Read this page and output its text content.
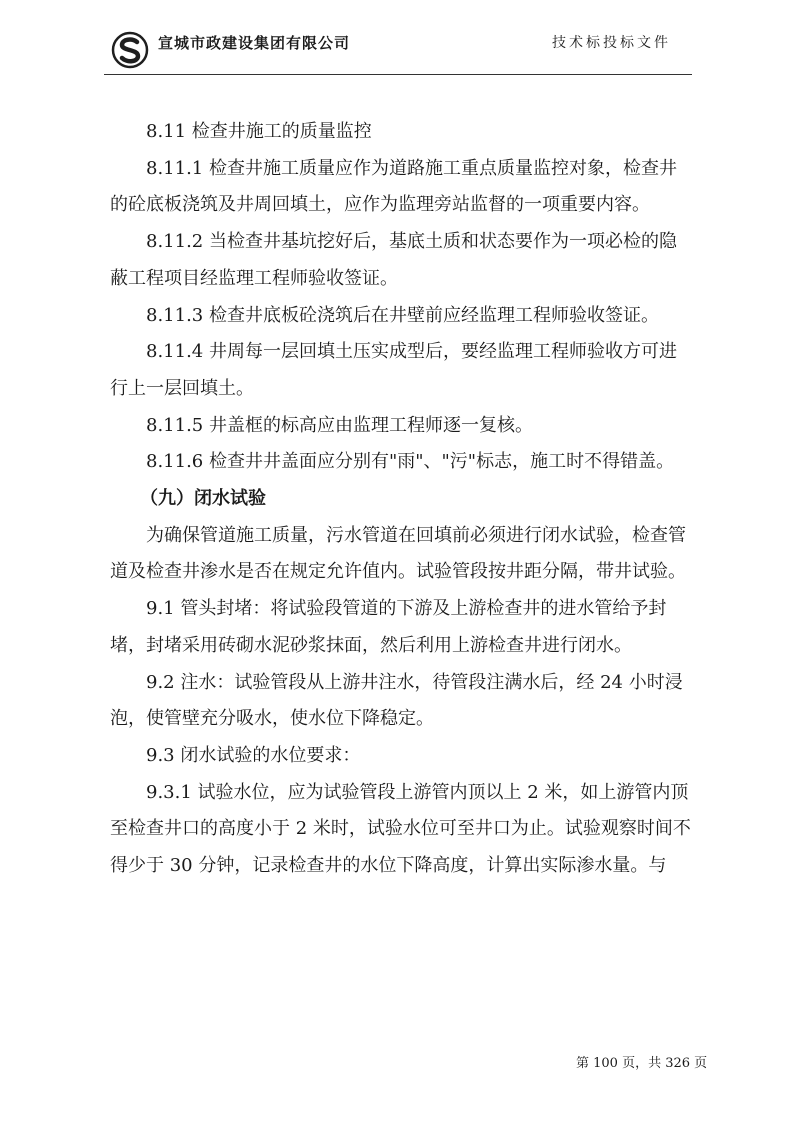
宣城市政建设集团有限公司	技术标投标文件

8.11 检查井施工的质量监控

8.11.1 检查井施工质量应作为道路施工重点质量监控对象，检查井的砼底板浇筑及井周回填土，应作为监理旁站监督的一项重要内容。

8.11.2 当检查井基坑挖好后，基底土质和状态要作为一项必检的隐蔽工程项目经监理工程师验收签证。

8.11.3 检查井底板砼浇筑后在井壁前应经监理工程师验收签证。

8.11.4 井周每一层回填土压实成型后，要经监理工程师验收方可进行上一层回填土。

8.11.5 井盖框的标高应由监理工程师逐一复核。

8.11.6 检查井井盖面应分别有"雨"、"污"标志，施工时不得错盖。

（九）闭水试验

为确保管道施工质量，污水管道在回填前必须进行闭水试验，检查管道及检查井渗水是否在规定允许值内。试验管段按井距分隔，带井试验。

9.1 管头封堵：将试验段管道的下游及上游检查井的进水管给予封堵，封堵采用砖砌水泥砂浆抹面，然后利用上游检查井进行闭水。

9.2 注水：试验管段从上游井注水，待管段注满水后，经 24 小时浸泡，使管壁充分吸水，使水位下降稳定。

9.3 闭水试验的水位要求：

9.3.1 试验水位，应为试验管段上游管内顶以上 2 米，如上游管内顶至检查井口的高度小于 2 米时，试验水位可至井口为止。试验观察时间不得少于 30 分钟，记录检查井的水位下降高度，计算出实际渗水量。与

第 100 页，共 326 页
